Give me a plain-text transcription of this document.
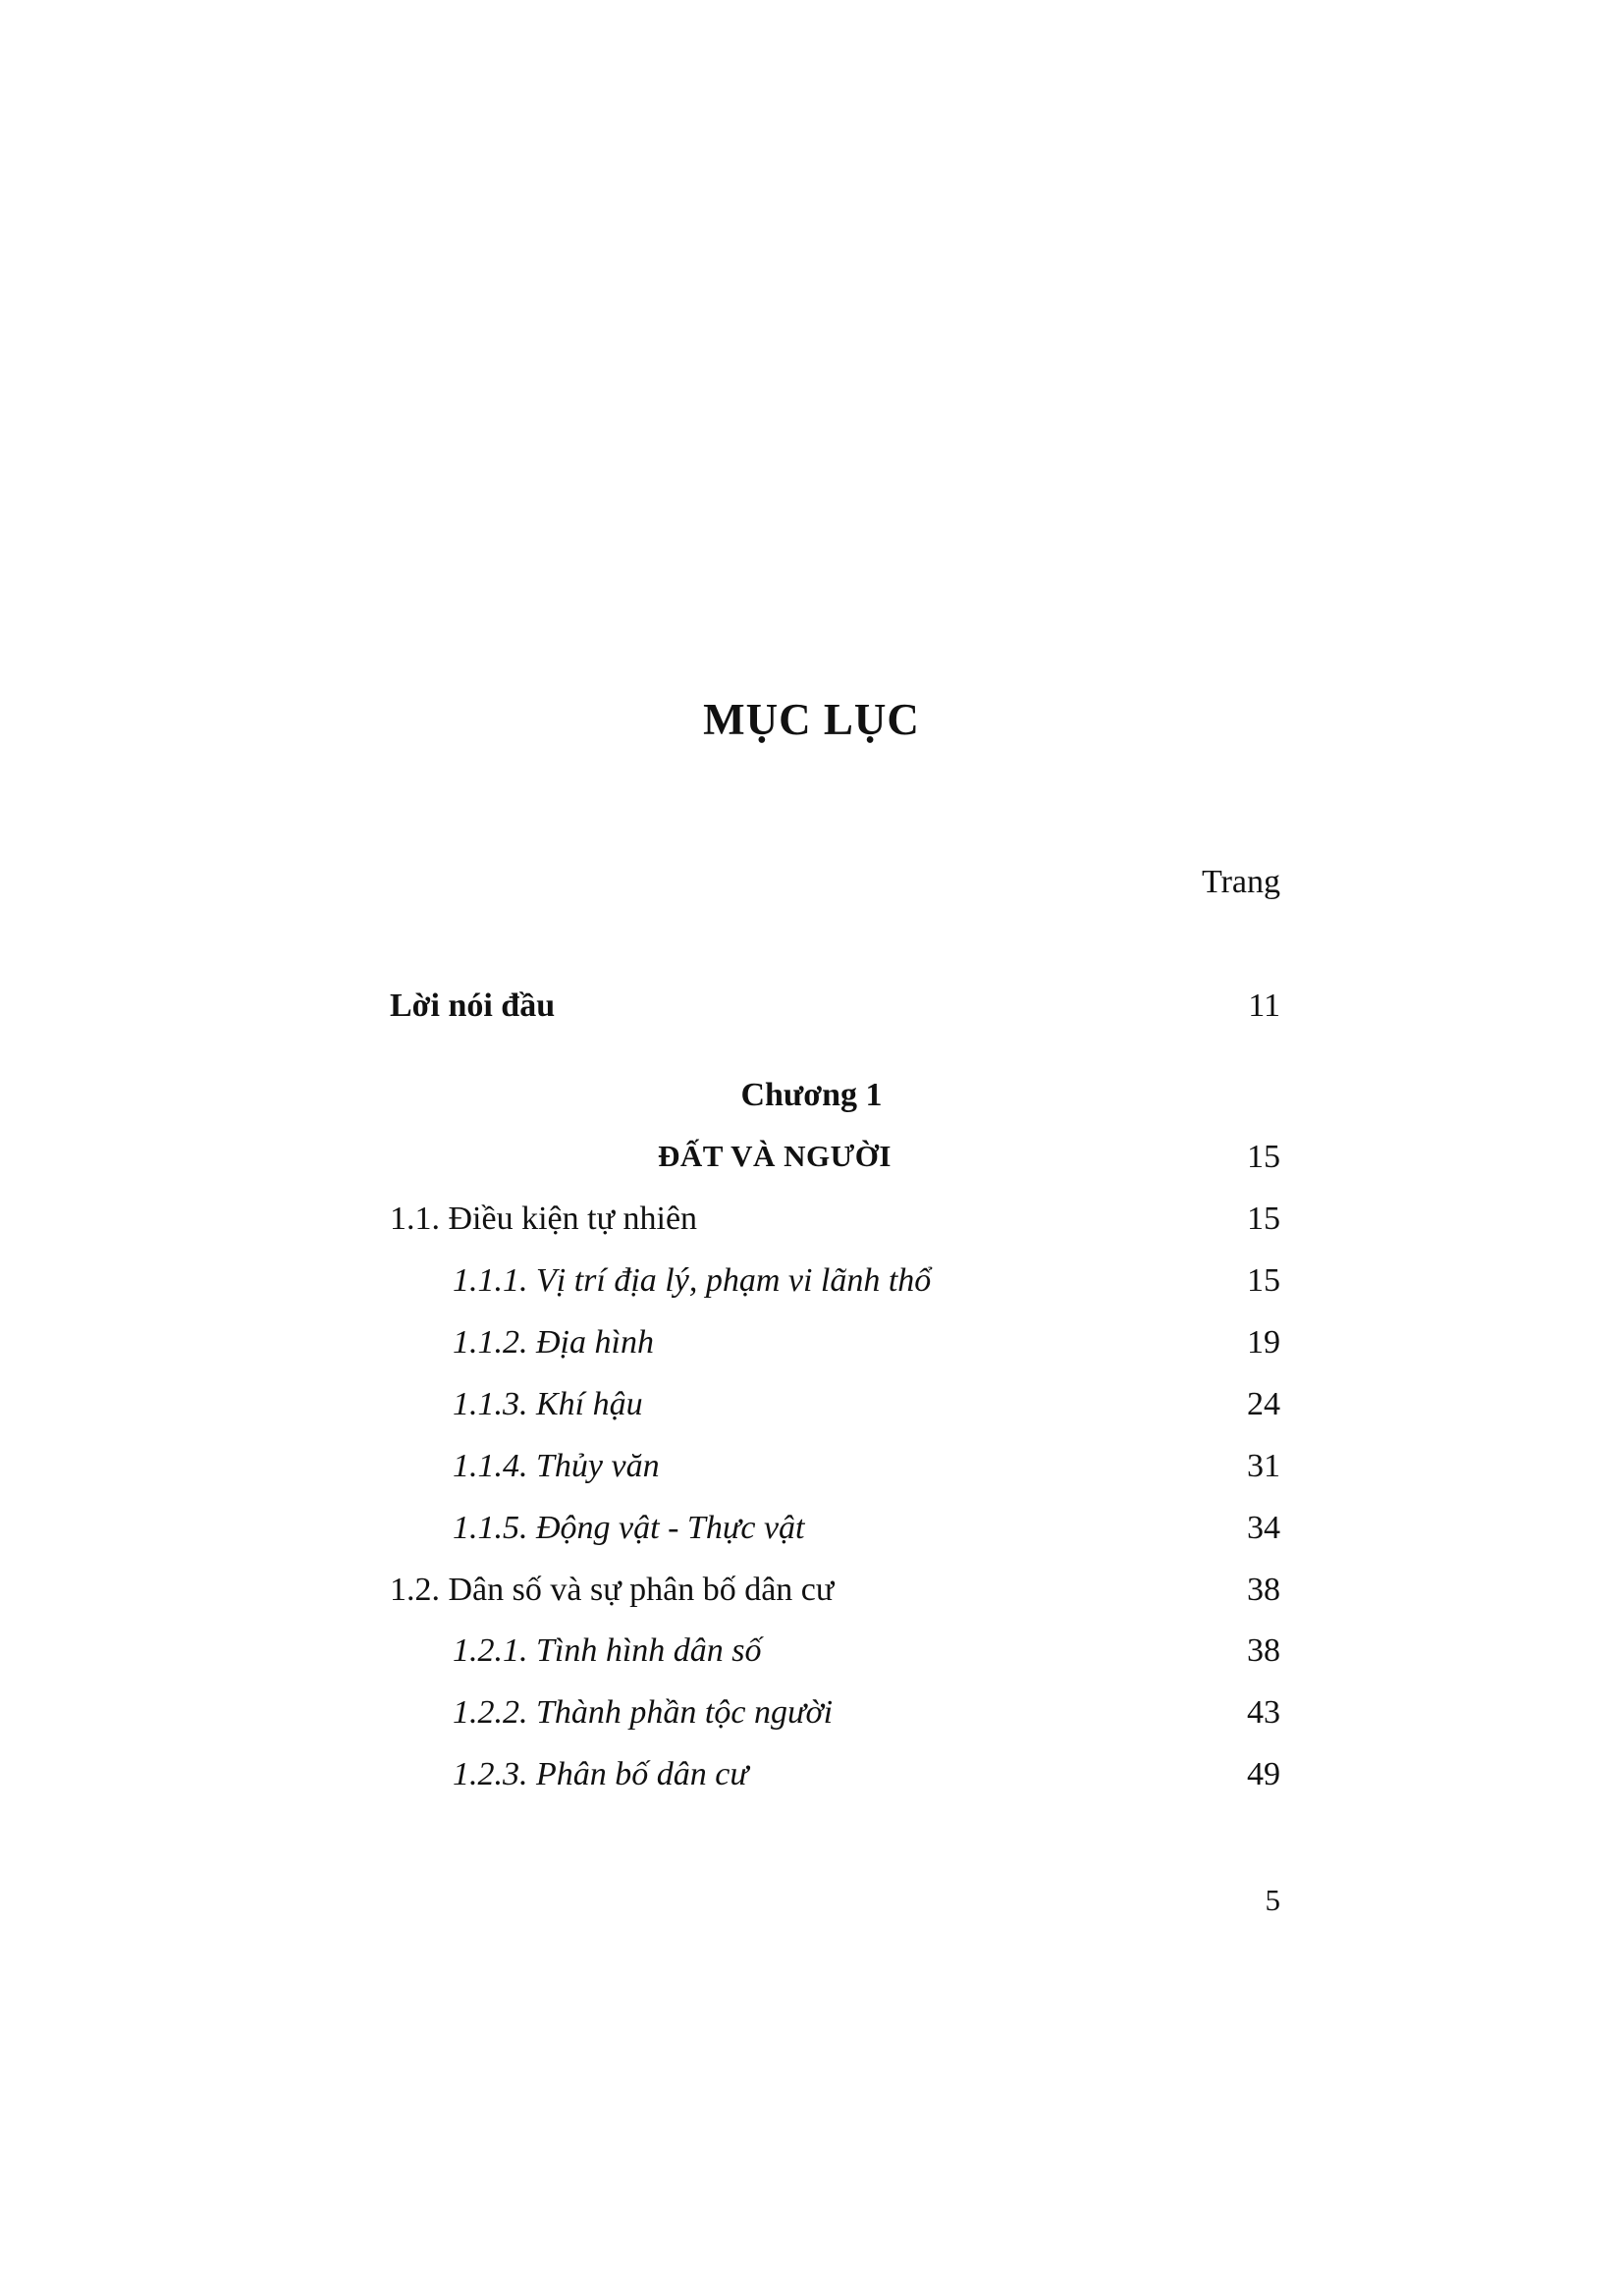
MỤC LỤC
Trang
Lời nói đầu	11
Chương 1
ĐẤT VÀ NGƯỜI	15
1.1. Điều kiện tự nhiên	15
1.1.1. Vị trí địa lý, phạm vi lãnh thổ	15
1.1.2. Địa hình	19
1.1.3. Khí hậu	24
1.1.4. Thủy văn	31
1.1.5. Động vật - Thực vật	34
1.2. Dân số và sự phân bố dân cư	38
1.2.1. Tình hình dân số	38
1.2.2. Thành phần tộc người	43
1.2.3. Phân bố dân cư	49
5
